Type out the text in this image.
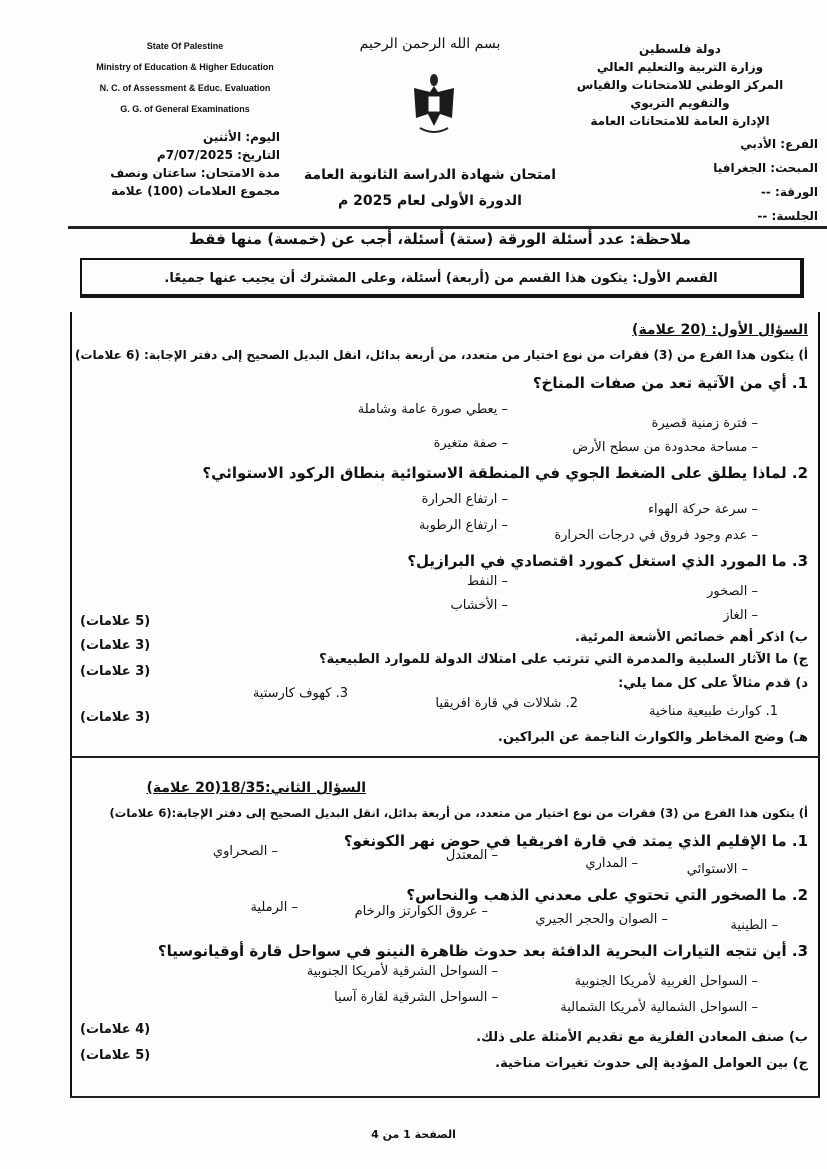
State Of Palestine
Ministry of Education & Higher Education
N. C. of Assessment & Educ. Evaluation
G. G. of General Examinations
اليوم: الأثنين
التاريخ: 7/07/2025م
مدة الامتحان: ساعتان ونصف
مجموع العلامات (100) علامة
بسم الله الرحمن الرحيم
امتحان شهادة الدراسة الثانوية العامة
الدورة الأولى لعام 2025 م
دولة فلسطين
وزارة التربية والتعليم العالي
المركز الوطني للامتحانات والقياس والتقويم التربوي
الإدارة العامة للامتحانات العامة
الفرع: الأدبي
المبحث: الجغرافيا
الورقة: --
الجلسة: --
ملاحظة: عدد أسئلة الورقة (ستة) أسئلة، أجب عن (خمسة) منها فقط
القسم الأول: يتكون هذا القسم من (أربعة) أسئلة، وعلى المشترك أن يجيب عنها جميعًا.
السؤال الأول: (20 علامة)
أ) يتكون هذا الفرع من (3) فقرات من نوع اختيار من متعدد، من أربعة بدائل، انقل البديل الصحيح إلى دفتر الإجابة: (6 علامات)
1. أي من الآتية تعد من صفات المناخ؟
– فترة زمنية قصيرة
– يعطي صورة عامة وشاملة
– مساحة محدودة من سطح الأرض
– صفة متغيرة
2. لماذا يطلق على الضغط الجوي في المنطقة الاستوائية بنطاق الركود الاستوائي؟
– سرعة حركة الهواء
– ارتفاع الحرارة
– عدم وجود فروق في درجات الحرارة
– ارتفاع الرطوبة
3. ما المورد الذي استغل كمورد اقتصادي في البرازيل؟
– الصخور
– النفط
– الغاز
– الأخشاب
(5 علامات)
ب) اذكر أهم خصائص الأشعة المرئية.
(3 علامات)
ج) ما الآثار السلبية والمدمرة التي تترتب على امتلاك الدولة للموارد الطبيعية؟
(3 علامات)
د) قدم مثالاً على كل مما يلي:
1. كوارث طبيعية مناخية
2. شلالات في قارة افريقيا
3. كهوف كارستية
(3 علامات)
هـ) وضح المخاطر والكوارث الناجمة عن البراكين.
السؤال الثاني:18/35(20 علامة)
أ) يتكون هذا الفرع من (3) فقرات من نوع اختيار من متعدد، من أربعة بدائل، انقل البديل الصحيح إلى دفتر الإجابة:(6 علامات)
1. ما الإقليم الذي يمتد في قارة افريقيا في حوض نهر الكونغو؟
– الاستوائي
– المداري
– المعتدل
– الصحراوي
2. ما الصخور التي تحتوي على معدني الذهب والنحاس؟
– الطينية
– الصوان والحجر الجيري
– عروق الكوارتز والرخام
– الرملية
3. أين تتجه التيارات البحرية الدافئة بعد حدوث ظاهرة النينو في سواحل قارة أوقيانوسيا؟
– السواحل الغربية لأمريكا الجنوبية
– السواحل الشرقية لأمريكا الجنوبية
– السواحل الشمالية لأمريكا الشمالية
– السواحل الشرقية لقارة آسيا
(4 علامات)
ب) صنف المعادن الفلزية مع تقديم الأمثلة على ذلك.
(5 علامات)
ج) بين العوامل المؤدية إلى حدوث تغيرات مناخية.
الصفحة 1 من 4
